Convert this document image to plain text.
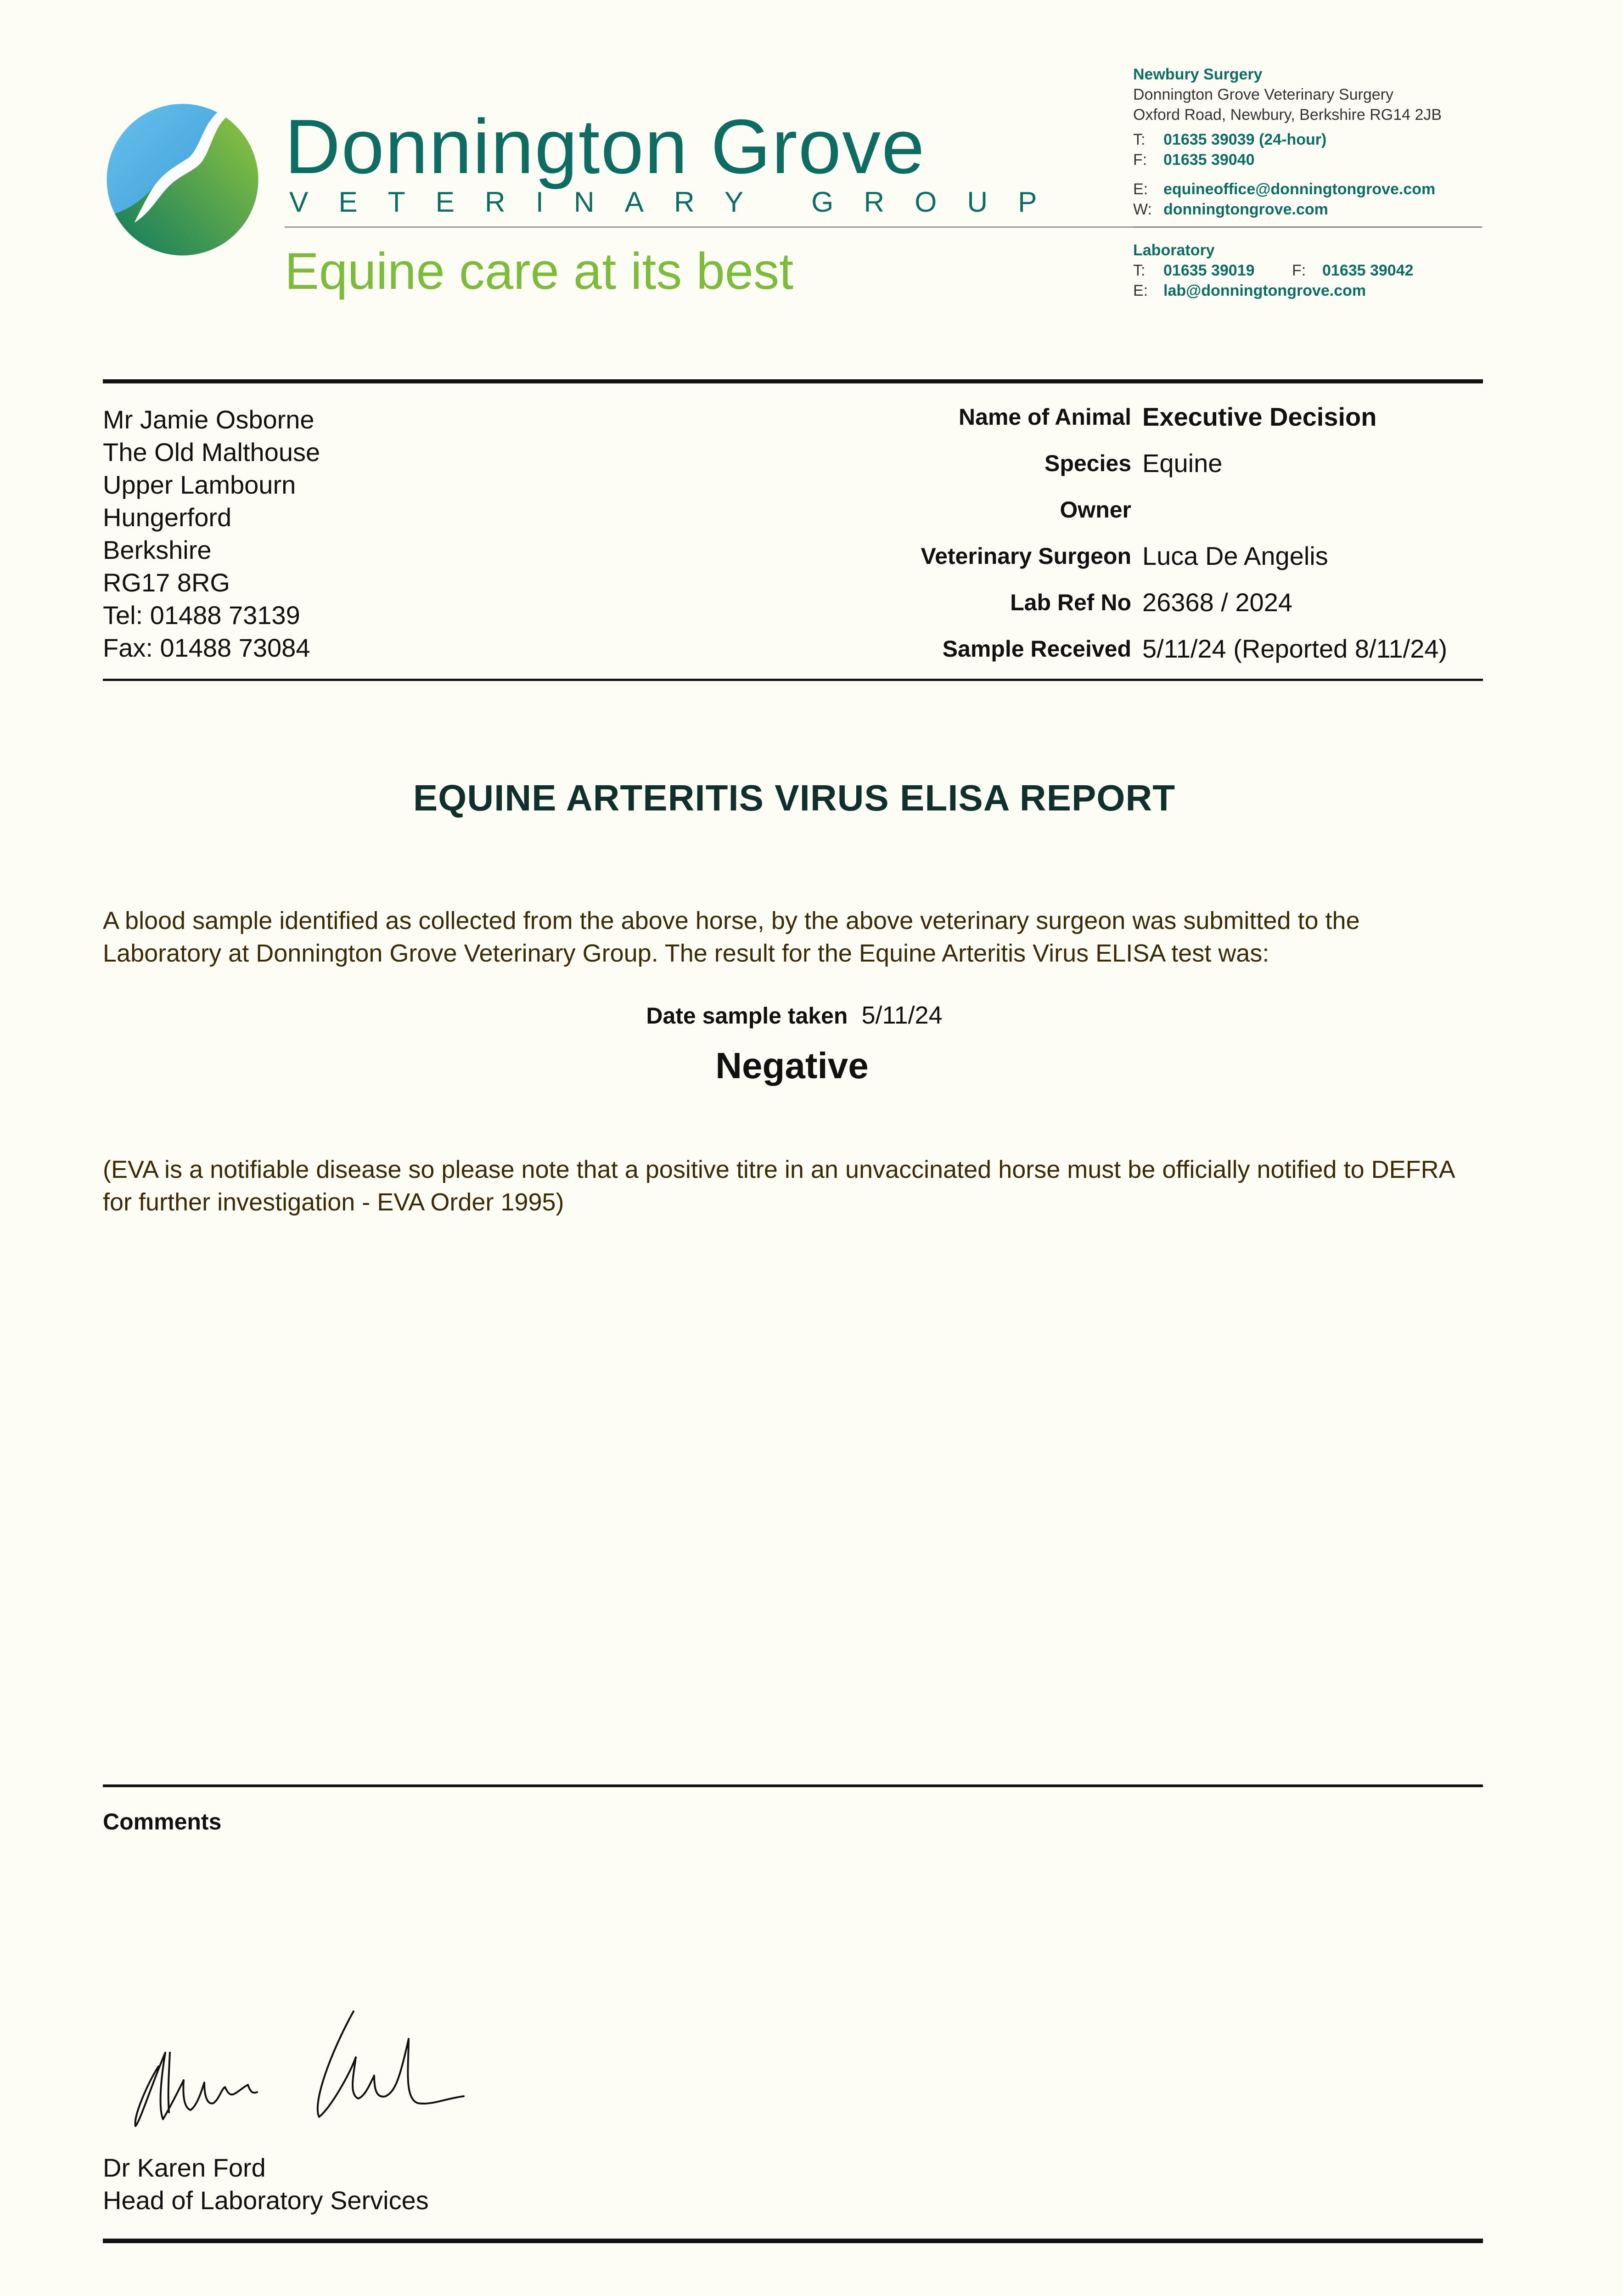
Donnington Grove
VETERINARY GROUP
Equine care at its best
Newbury Surgery
Donnington Grove Veterinary Surgery
Oxford Road, Newbury, Berkshire RG14 2JB
T: 01635 39039 (24-hour)
F: 01635 39040
E: equineoffice@donningtongrove.com
W: donningtongrove.com
Laboratory
T: 01635 39019 F: 01635 39042
E: lab@donningtongrove.com
Mr Jamie Osborne
The Old Malthouse
Upper Lambourn
Hungerford
Berkshire
RG17 8RG
Tel: 01488 73139
Fax: 01488 73084
Name of Animal Executive Decision
Species Equine
Owner
Veterinary Surgeon Luca De Angelis
Lab Ref No 26368 / 2024
Sample Received 5/11/24 (Reported 8/11/24)
EQUINE ARTERITIS VIRUS ELISA REPORT
A blood sample identified as collected from the above horse, by the above veterinary surgeon was submitted to the Laboratory at Donnington Grove Veterinary Group. The result for the Equine Arteritis Virus ELISA test was:
Date sample taken 5/11/24
Negative
(EVA is a notifiable disease so please note that a positive titre in an unvaccinated horse must be officially notified to DEFRA for further investigation - EVA Order 1995)
Comments
Dr Karen Ford
Head of Laboratory Services
